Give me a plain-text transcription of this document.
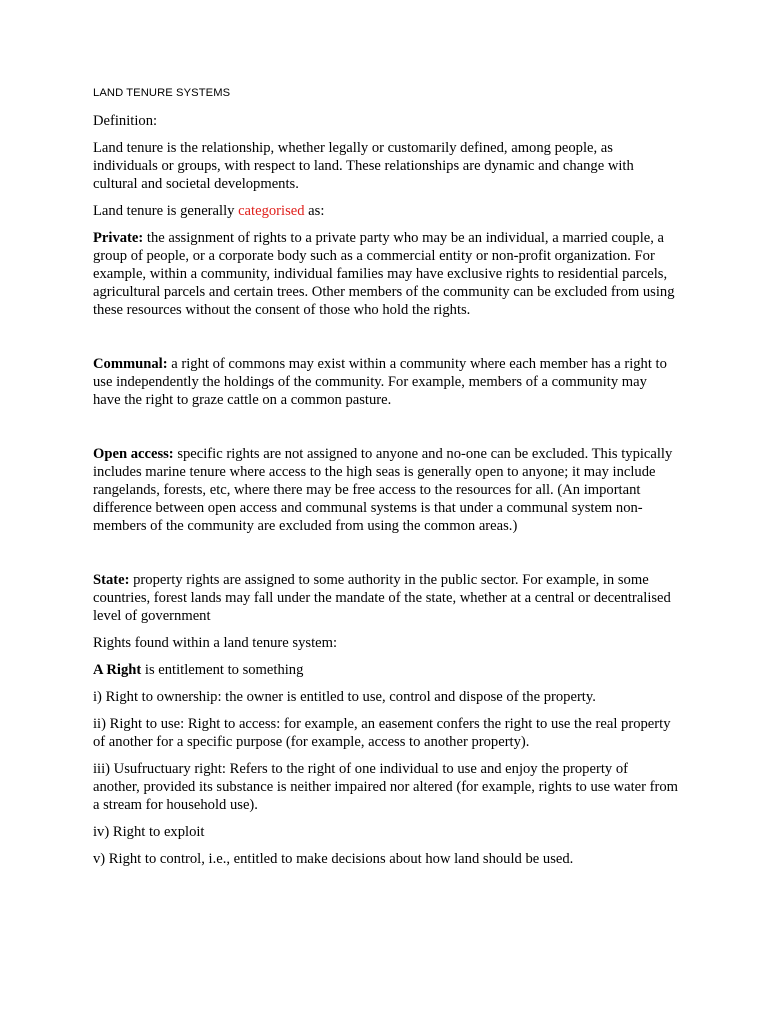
LAND TENURE SYSTEMS

Definition:

Land tenure is the relationship, whether legally or customarily defined, among people, as individuals or groups, with respect to land. These relationships are dynamic and change with cultural and societal developments.

Land tenure is generally categorised as:

Private: the assignment of rights to a private party who may be an individual, a married couple, a group of people, or a corporate body such as a commercial entity or non-profit organization. For example, within a community, individual families may have exclusive rights to residential parcels, agricultural parcels and certain trees. Other members of the community can be excluded from using these resources without the consent of those who hold the rights.

Communal: a right of commons may exist within a community where each member has a right to use independently the holdings of the community. For example, members of a community may have the right to graze cattle on a common pasture.

Open access: specific rights are not assigned to anyone and no-one can be excluded. This typically includes marine tenure where access to the high seas is generally open to anyone; it may include rangelands, forests, etc, where there may be free access to the resources for all. (An important difference between open access and communal systems is that under a communal system non-members of the community are excluded from using the common areas.)

State: property rights are assigned to some authority in the public sector. For example, in some countries, forest lands may fall under the mandate of the state, whether at a central or decentralised level of government

Rights found within a land tenure system:

A Right is entitlement to something

i) Right to ownership: the owner is entitled to use, control and dispose of the property.

ii) Right to use: Right to access: for example, an easement confers the right to use the real property of another for a specific purpose (for example, access to another property).

iii) Usufructuary right: Refers to the right of one individual to use and enjoy the property of another, provided its substance is neither impaired nor altered (for example, rights to use water from a stream for household use).

iv) Right to exploit

v) Right to control, i.e., entitled to make decisions about how land should be used.
